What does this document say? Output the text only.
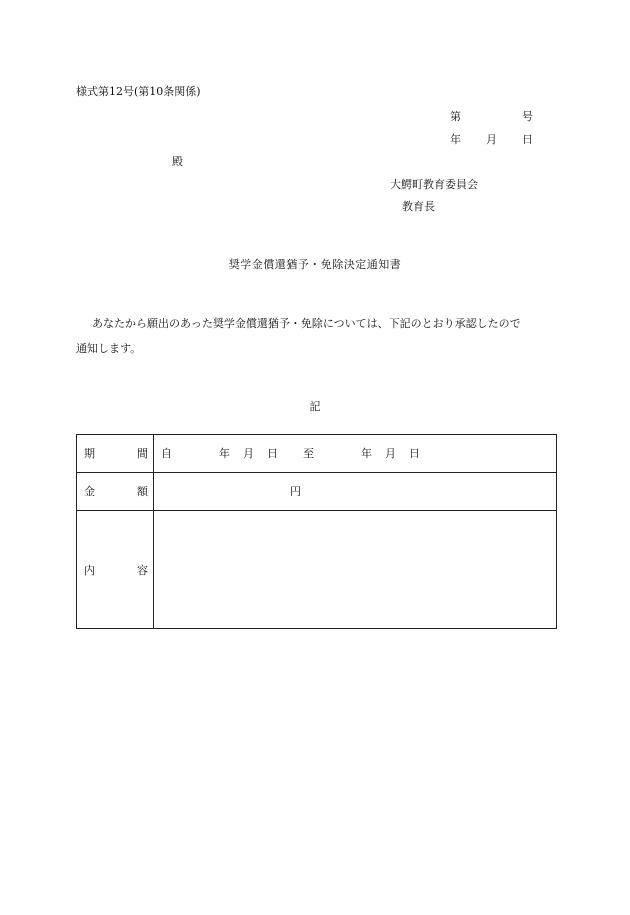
様式第12号(第10条関係)
第	号
年 月 日
殿
大鰐町教育委員会
教育長
奨学金償還猶予・免除決定通知書
あなたから願出のあった奨学金償還猶予・免除については、下記のとおり承認したので
通知します。
記
期	間 自	年 月 日 至	年 月 日
金	額	円
内	容
